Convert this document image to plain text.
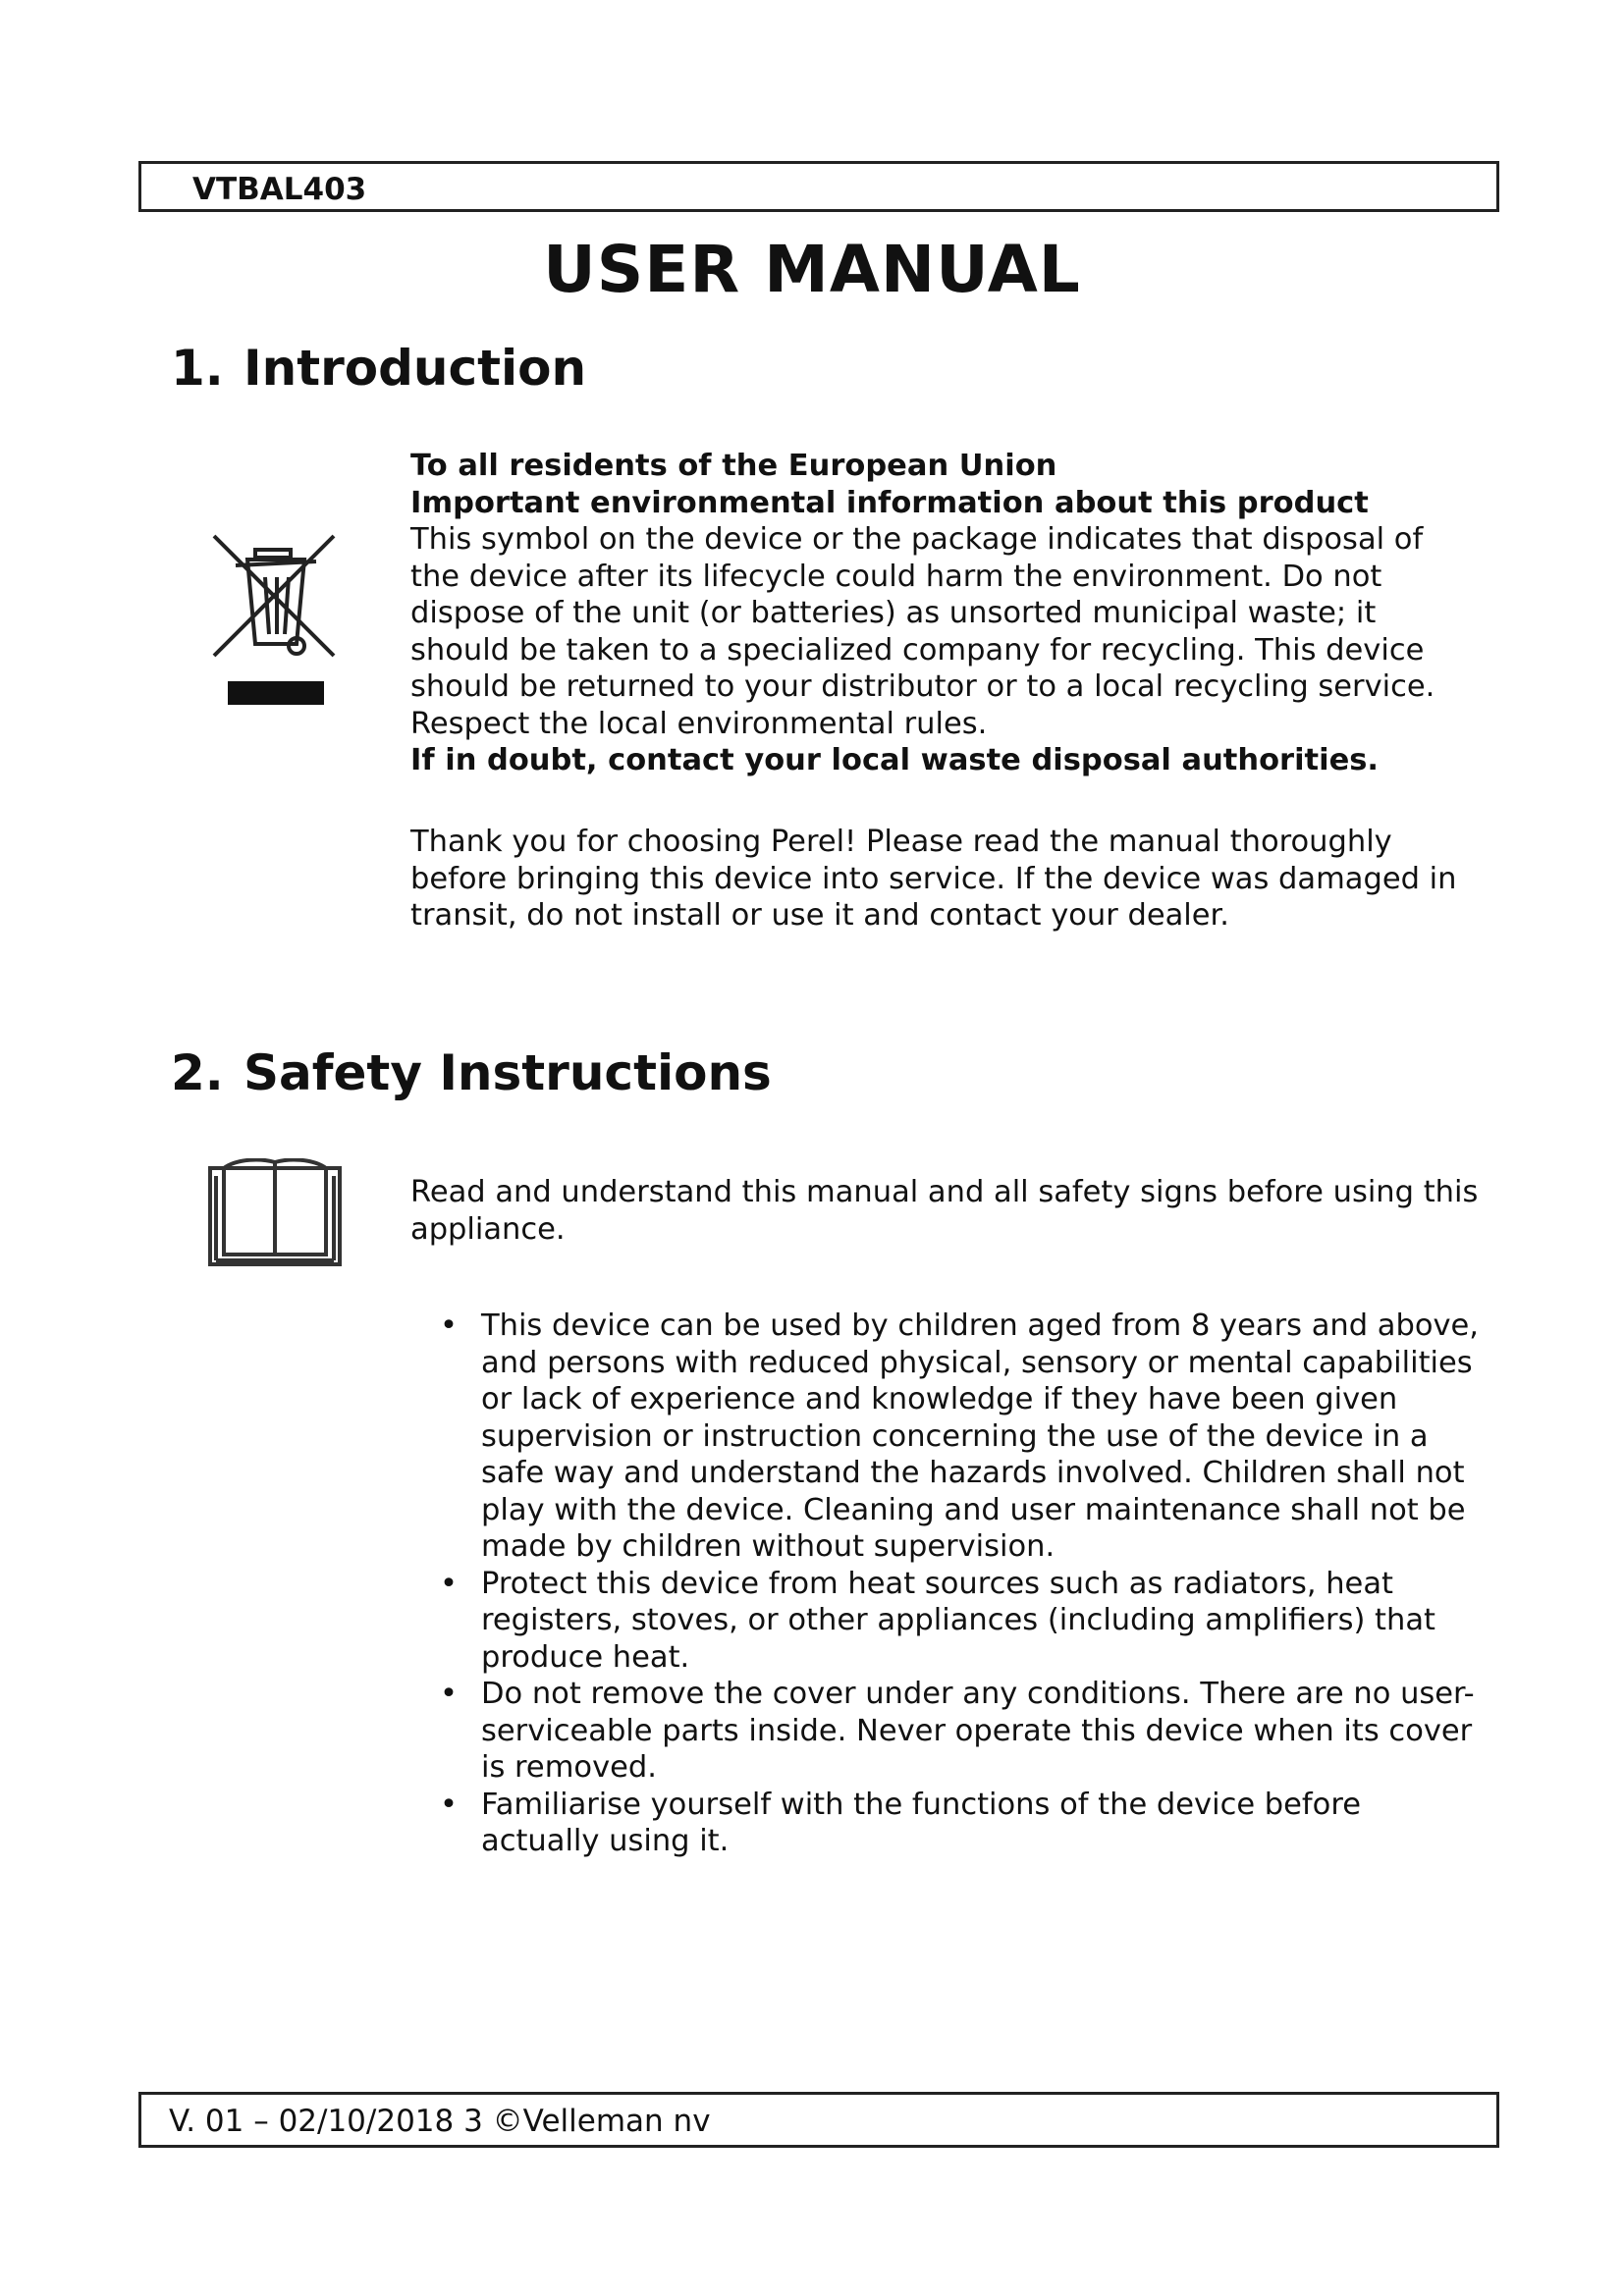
VTBAL403
USER MANUAL
1. Introduction

To all residents of the European Union

Important environmental information about this product

This symbol on the device or the package indicates that disposal of the device after its lifecycle could harm the environment. Do not dispose of the unit (or batteries) as unsorted municipal waste; it should be taken to a specialized company for recycling. This device should be returned to your distributor or to a local recycling service. Respect the local environmental rules.

If in doubt, contact your local waste disposal authorities.

Thank you for choosing Perel! Please read the manual thoroughly before bringing this device into service. If the device was damaged in transit, do not install or use it and contact your dealer.

2. Safety Instructions

Read and understand this manual and all safety signs before using this appliance.

• This device can be used by children aged from 8 years and above, and persons with reduced physical, sensory or mental capabilities or lack of experience and knowledge if they have been given supervision or instruction concerning the use of the device in a safe way and understand the hazards involved. Children shall not play with the device. Cleaning and user maintenance shall not be made by children without supervision.
• Protect this device from heat sources such as radiators, heat registers, stoves, or other appliances (including amplifiers) that produce heat.
• Do not remove the cover under any conditions. There are no user-serviceable parts inside. Never operate this device when its cover is removed.
• Familiarise yourself with the functions of the device before actually using it.
V. 01 – 02/10/2018 3 ©Velleman nv
